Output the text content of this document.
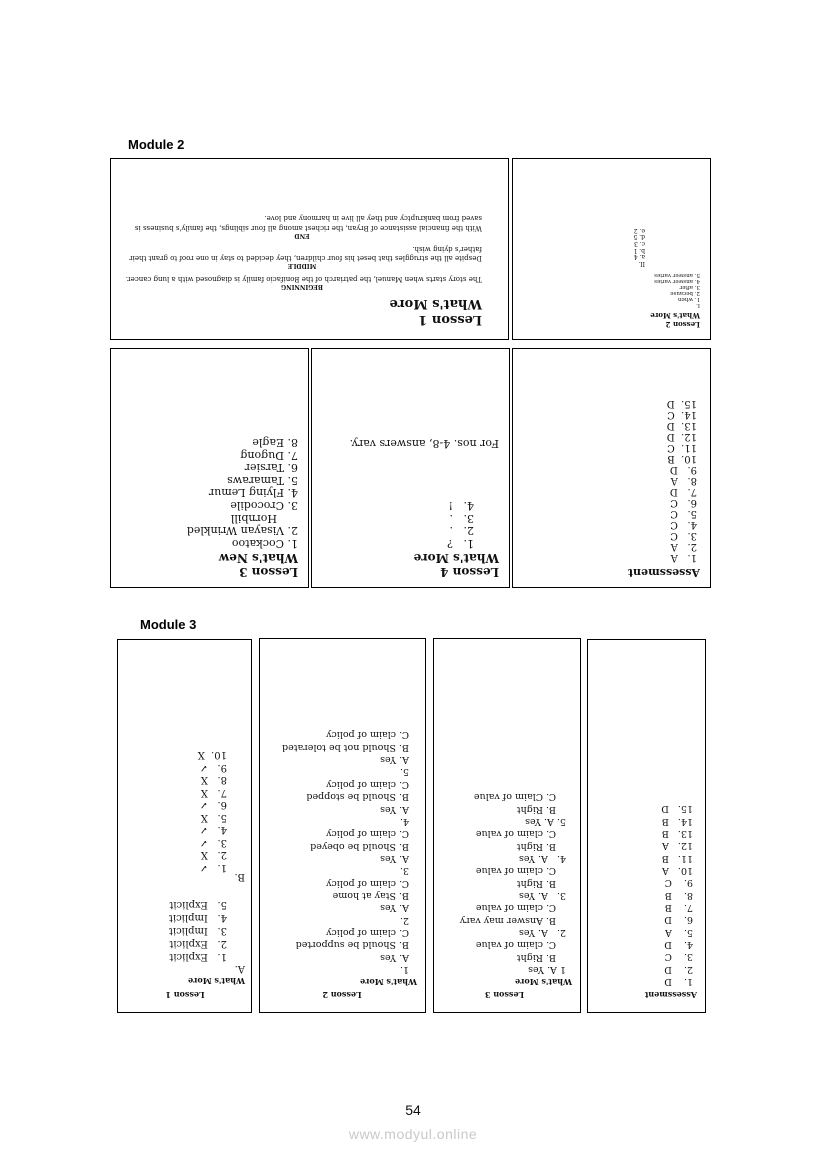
Module 2
Lesson 1
What's More
BEGINNING
The story starts when Manuel, the patriarch of the Bonifacio family is diagnosed with a lung cancer.
MIDDLE
Despite all the struggles that beset his four children, they decided to stay in one roof to grant their father's dying wish.
END
With the financial assistance of Bryan, the richest among all four siblings, the family's business is saved from bankruptcy and they all live in harmony and love.
Lesson 2
What's More
I.
1. when
2. because
3. after
4. answer varies
5. answer varies
II.
a. 4
b. 1
c. 3
d. 5
e. 2
Lesson 3
What's New
1. Cockatoo
2. Visayan Wrinkled
Hornbill
3. Crocodile
4. Flying Lemur
5. Tamaraws
6. Tarsier
7. Dugong
8. Eagle
Lesson 4
What's More
1.   ?
2.   .
3.   .
4.   !
For nos. 4-8, answers vary.
Assessment
1.   A
2.   A
3.   C
4.   C
5.   C
6.   C
7.   D
8.   A
9.   D
10.  B
11.  C
12.  D
13.  D
14.  C
15.  D
Module 3
Lesson 1
What's More
A.
1.   Explicit
2.   Explicit
3.   Implicit
4.   Implicit
5.   Explicit
B.
1.   ✓
2.   X
3.   ✓
4.   ✓
5.   X
6.   ✓
7.   X
8.   X
9.   ✓
10.  X
Lesson 2
What's More
1.
A. Yes
B. Should be supported
C. claim of policy
2.
A. Yes
B. Stay at home
C. claim of policy
3.
A. Yes
B. Should be obeyed
C. claim of policy
4.
A. Yes
B. Should be stopped
C. claim of policy
5.
A. Yes
B. Should not be tolerated
C. claim of policy
Lesson 3
What's More
1 A. Yes
B. Right
C. claim of value
2.   A. Yes
B. Answer may vary
C. claim of value
3.   A. Yes
B. Right
C. claim of value
4.   A. Yes
B. Right
C. claim of value
5. A. Yes
B. Right
C. Claim of value
Assessment
1.    D
2.    D
3.    C
4.    D
5.    A
6.    D
7.    B
8.    B
9.    C
10.   A
11.   B
12.   A
13.   B
14.   B
15.   D
54
www.modyul.online
